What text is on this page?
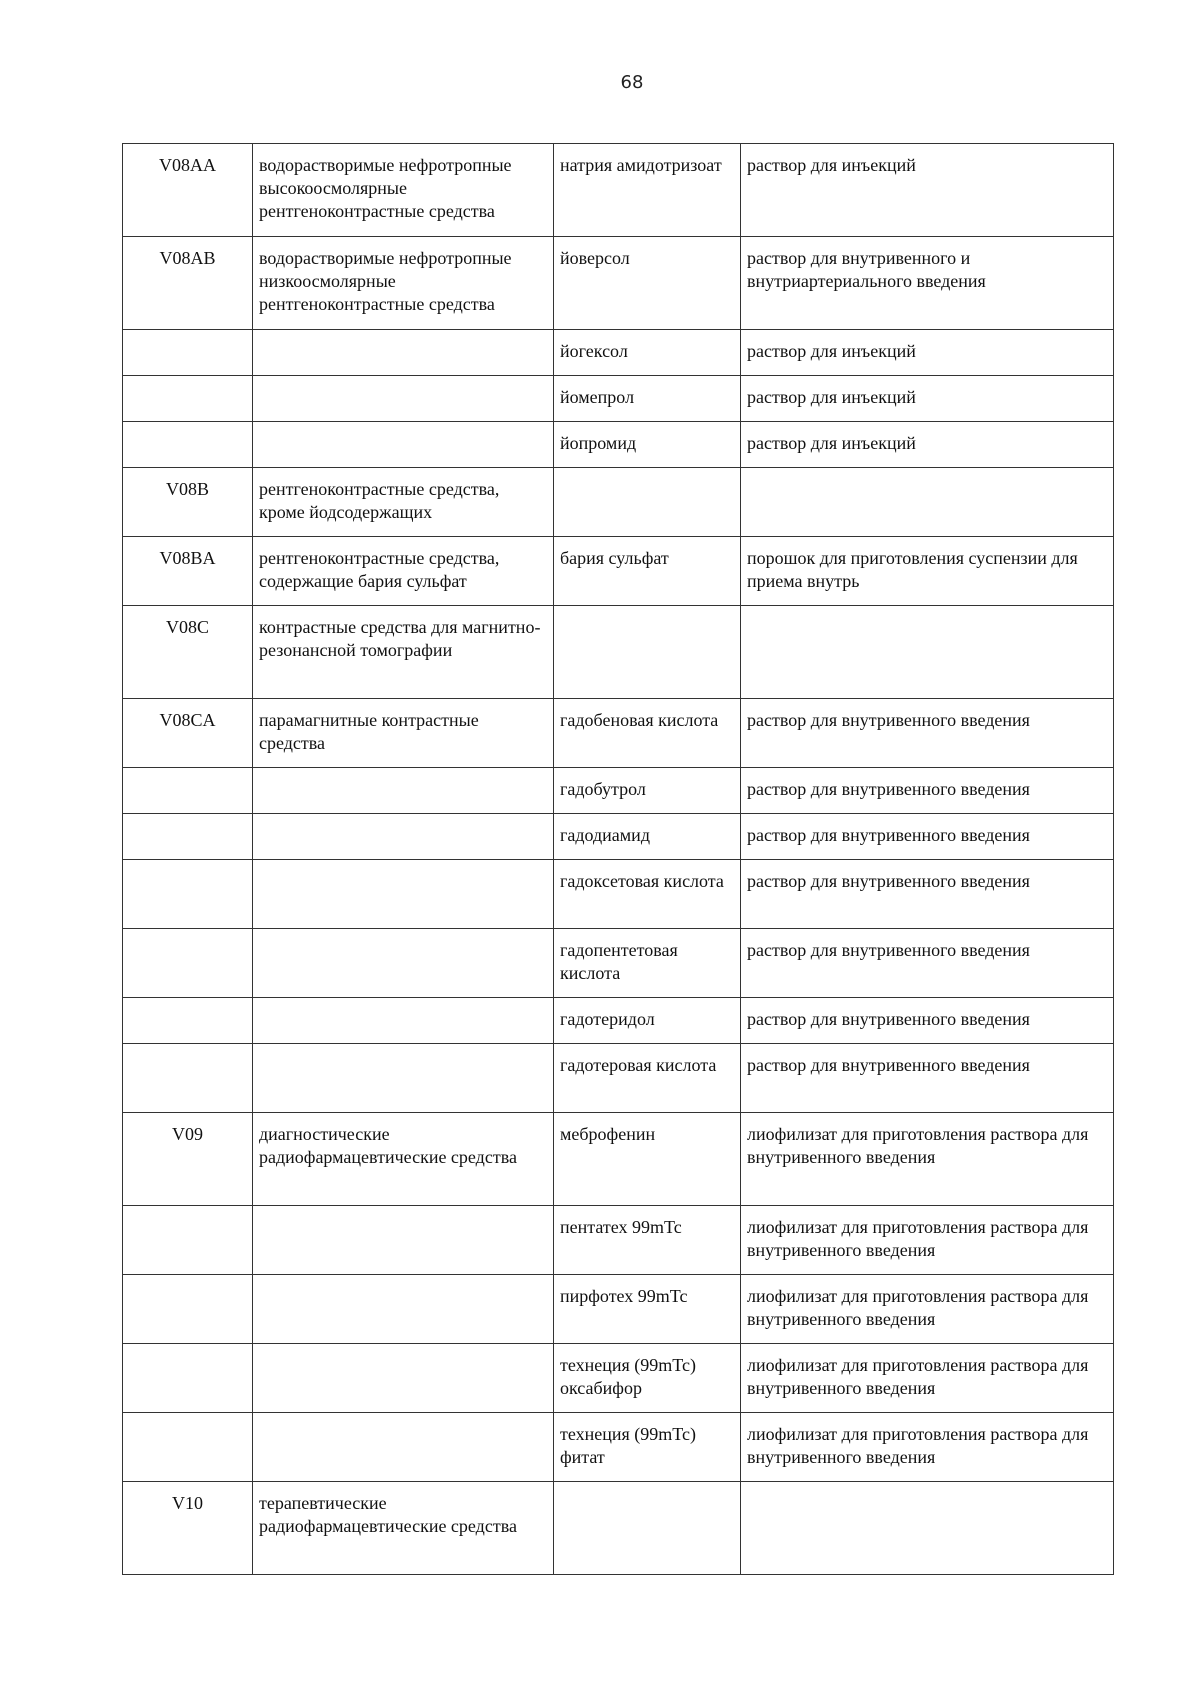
68
V08AA	водорастворимые нефротропные высокоосмолярные рентгеноконтрастные средства	натрия амидотризоат	раствор для инъекций
V08AB	водорастворимые нефротропные низкоосмолярные рентгеноконтрастные средства	йоверсол	раствор для внутривенного и внутриартериального введения
		йогексол	раствор для инъекций
		йомепрол	раствор для инъекций
		йопромид	раствор для инъекций
V08B	рентгеноконтрастные средства, кроме йодсодержащих		
V08BA	рентгеноконтрастные средства, содержащие бария сульфат	бария сульфат	порошок для приготовления суспензии для приема внутрь
V08C	контрастные средства для магнитно-резонансной томографии		
V08CA	парамагнитные контрастные средства	гадобеновая кислота	раствор для внутривенного введения
		гадобутрол	раствор для внутривенного введения
		гадодиамид	раствор для внутривенного введения
		гадоксетовая кислота	раствор для внутривенного введения
		гадопентетовая кислота	раствор для внутривенного введения
		гадотеридол	раствор для внутривенного введения
		гадотеровая кислота	раствор для внутривенного введения
V09	диагностические радиофармацевтические средства	меброфенин	лиофилизат для приготовления раствора для внутривенного введения
		пентатех 99mTc	лиофилизат для приготовления раствора для внутривенного введения
		пирфотех 99mTc	лиофилизат для приготовления раствора для внутривенного введения
		технеция (99mTc) оксабифор	лиофилизат для приготовления раствора для внутривенного введения
		технеция (99mTc) фитат	лиофилизат для приготовления раствора для внутривенного введения
V10	терапевтические радиофармацевтические средства		
